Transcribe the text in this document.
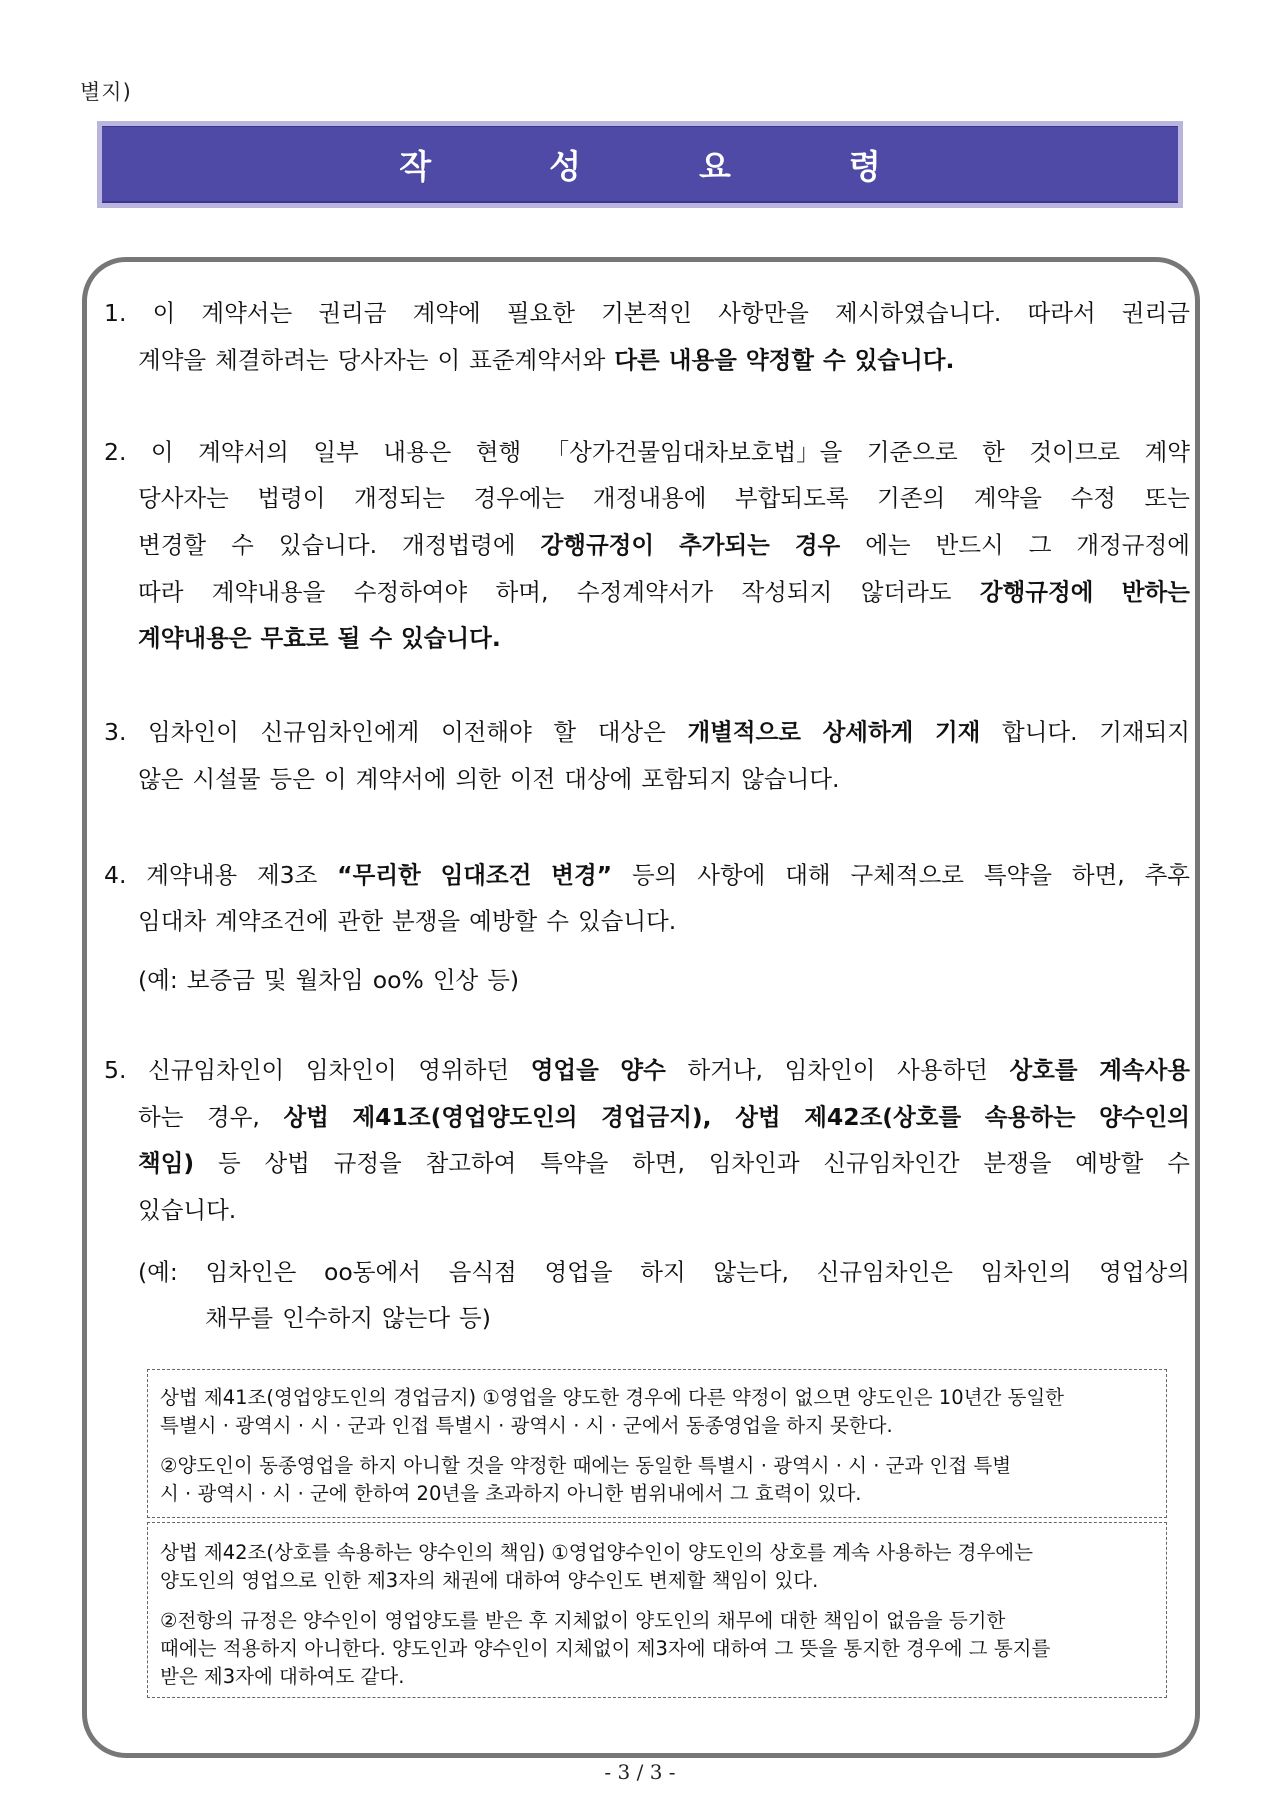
별지)
작	성	요	령
1. 이 계약서는 권리금 계약에 필요한 기본적인 사항만을 제시하였습니다. 따라서 권리금
계약을 체결하려는 당사자는 이 표준계약서와 다른 내용을 약정할 수 있습니다.
2. 이 계약서의 일부 내용은 현행 「상가건물임대차보호법」을 기준으로 한 것이므로 계약
당사자는 법령이 개정되는 경우에는 개정내용에 부합되도록 기존의 계약을 수정 또는
변경할 수 있습니다. 개정법령에 강행규정이 추가되는 경우 에는 반드시 그 개정규정에
따라 계약내용을 수정하여야 하며, 수정계약서가 작성되지 않더라도 강행규정에 반하는
계약내용은 무효로 될 수 있습니다.
3. 임차인이 신규임차인에게 이전해야 할 대상은 개별적으로 상세하게 기재 합니다. 기재되지
않은 시설물 등은 이 계약서에 의한 이전 대상에 포함되지 않습니다.
4. 계약내용 제3조 “무리한 임대조건 변경” 등의 사항에 대해 구체적으로 특약을 하면, 추후
임대차 계약조건에 관한 분쟁을 예방할 수 있습니다.
(예: 보증금 및 월차임 oo% 인상 등)
5. 신규임차인이 임차인이 영위하던 영업을 양수 하거나, 임차인이 사용하던 상호를 계속사용
하는 경우, 상법 제41조(영업양도인의 경업금지), 상법 제42조(상호를 속용하는 양수인의
책임) 등 상법 규정을 참고하여 특약을 하면, 임차인과 신규임차인간 분쟁을 예방할 수
있습니다.
(예: 임차인은 oo동에서 음식점 영업을 하지 않는다, 신규임차인은 임차인의 영업상의
채무를 인수하지 않는다 등)
상법 제41조(영업양도인의 경업금지) ①영업을 양도한 경우에 다른 약정이 없으면 양도인은 10년간 동일한
특별시 · 광역시 · 시 · 군과 인접 특별시 · 광역시 · 시 · 군에서 동종영업을 하지 못한다.
②양도인이 동종영업을 하지 아니할 것을 약정한 때에는 동일한 특별시 · 광역시 · 시 · 군과 인접 특별
시 · 광역시 · 시 · 군에 한하여 20년을 초과하지 아니한 범위내에서 그 효력이 있다.
상법 제42조(상호를 속용하는 양수인의 책임) ①영업양수인이 양도인의 상호를 계속 사용하는 경우에는
양도인의 영업으로 인한 제3자의 채권에 대하여 양수인도 변제할 책임이 있다.
②전항의 규정은 양수인이 영업양도를 받은 후 지체없이 양도인의 채무에 대한 책임이 없음을 등기한
때에는 적용하지 아니한다. 양도인과 양수인이 지체없이 제3자에 대하여 그 뜻을 통지한 경우에 그 통지를
받은 제3자에 대하여도 같다.
- 3 / 3 -
